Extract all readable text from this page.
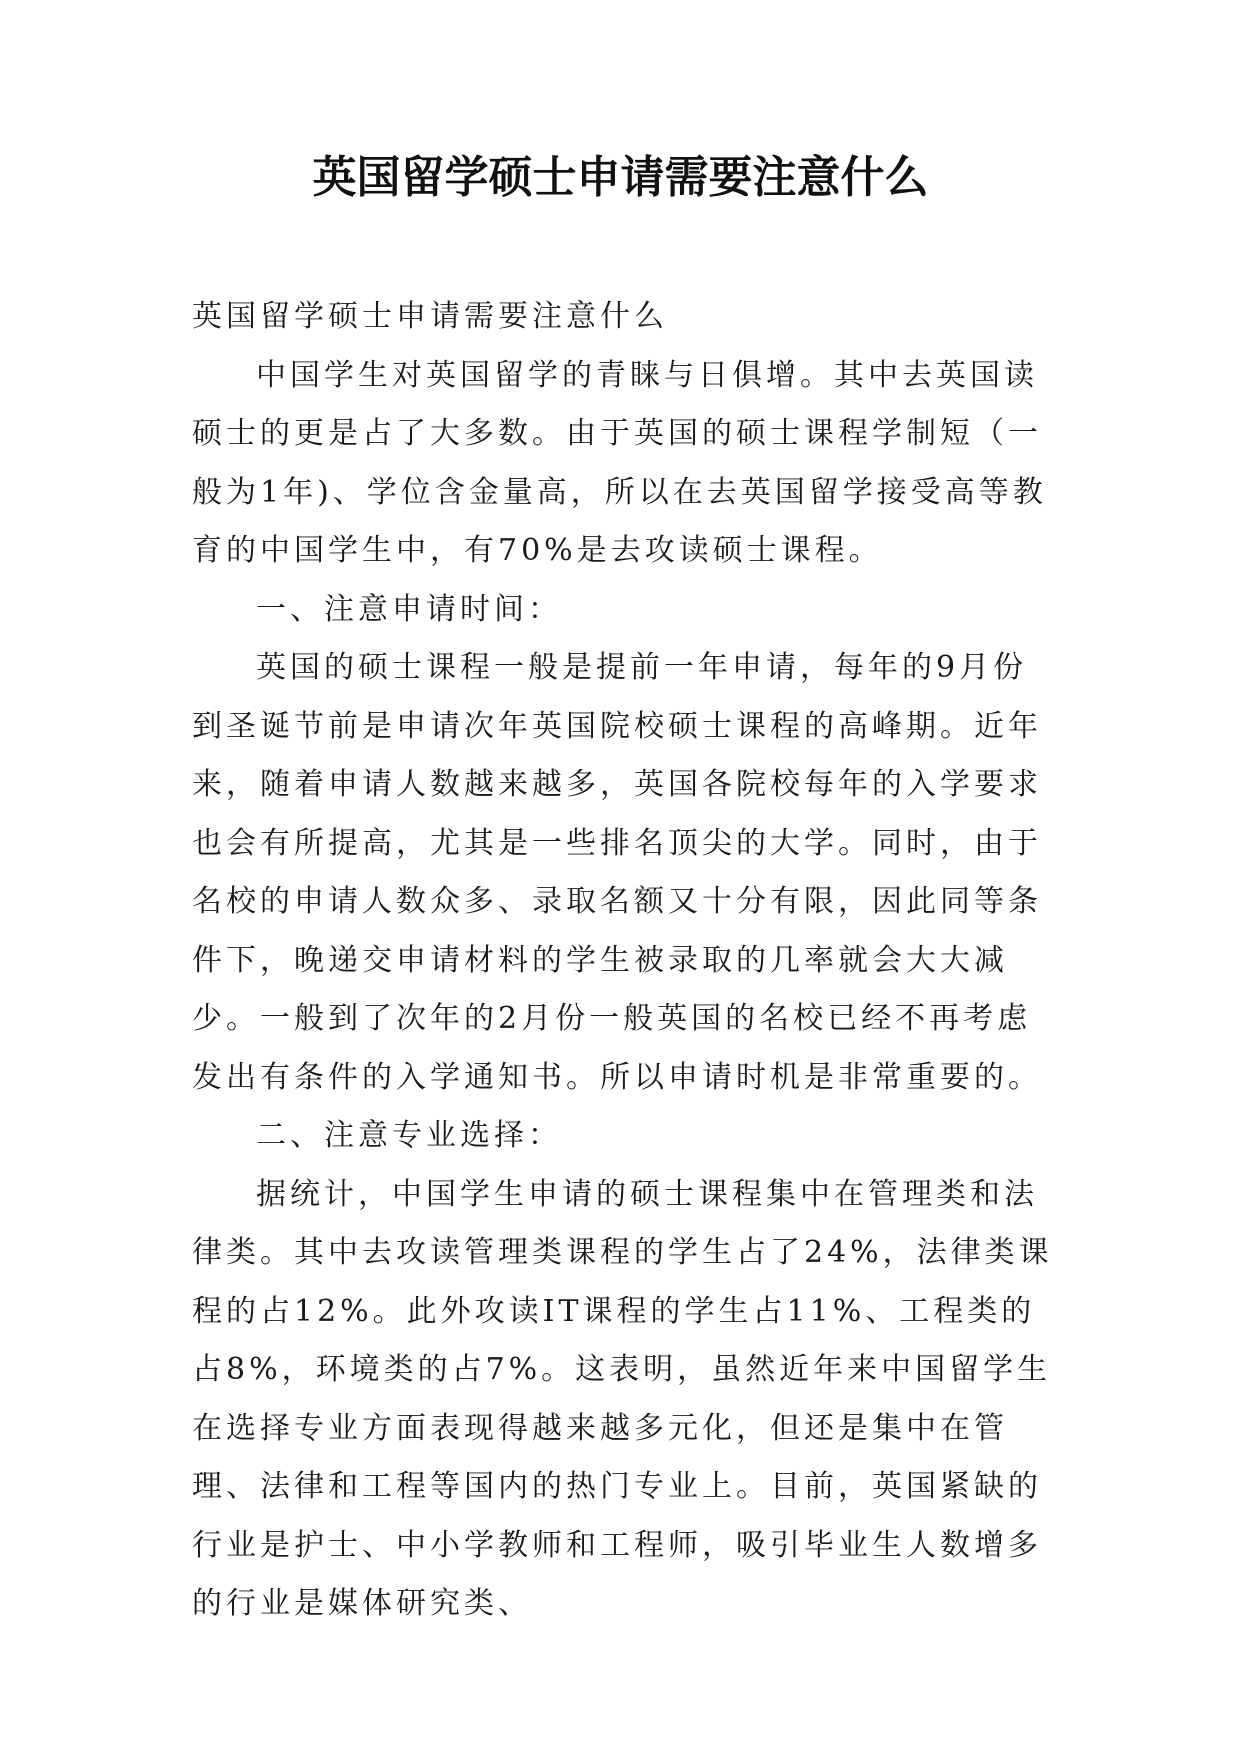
英国留学硕士申请需要注意什么

英国留学硕士申请需要注意什么

中国学生对英国留学的青睐与日俱增。其中去英国读硕士的更是占了大多数。由于英国的硕士课程学制短（一般为1年)、学位含金量高，所以在去英国留学接受高等教育的中国学生中，有70%是去攻读硕士课程。

一、注意申请时间：

英国的硕士课程一般是提前一年申请，每年的9月份到圣诞节前是申请次年英国院校硕士课程的高峰期。近年来，随着申请人数越来越多，英国各院校每年的入学要求也会有所提高，尤其是一些排名顶尖的大学。同时，由于名校的申请人数众多、录取名额又十分有限，因此同等条件下，晚递交申请材料的学生被录取的几率就会大大减少。一般到了次年的2月份一般英国的名校已经不再考虑发出有条件的入学通知书。所以申请时机是非常重要的。

二、注意专业选择：

据统计，中国学生申请的硕士课程集中在管理类和法律类。其中去攻读管理类课程的学生占了24%，法律类课程的占12%。此外攻读IT课程的学生占11%、工程类的占8%，环境类的占7%。这表明，虽然近年来中国留学生在选择专业方面表现得越来越多元化，但还是集中在管理、法律和工程等国内的热门专业上。目前，英国紧缺的行业是护士、中小学教师和工程师，吸引毕业生人数增多的行业是媒体研究类、
